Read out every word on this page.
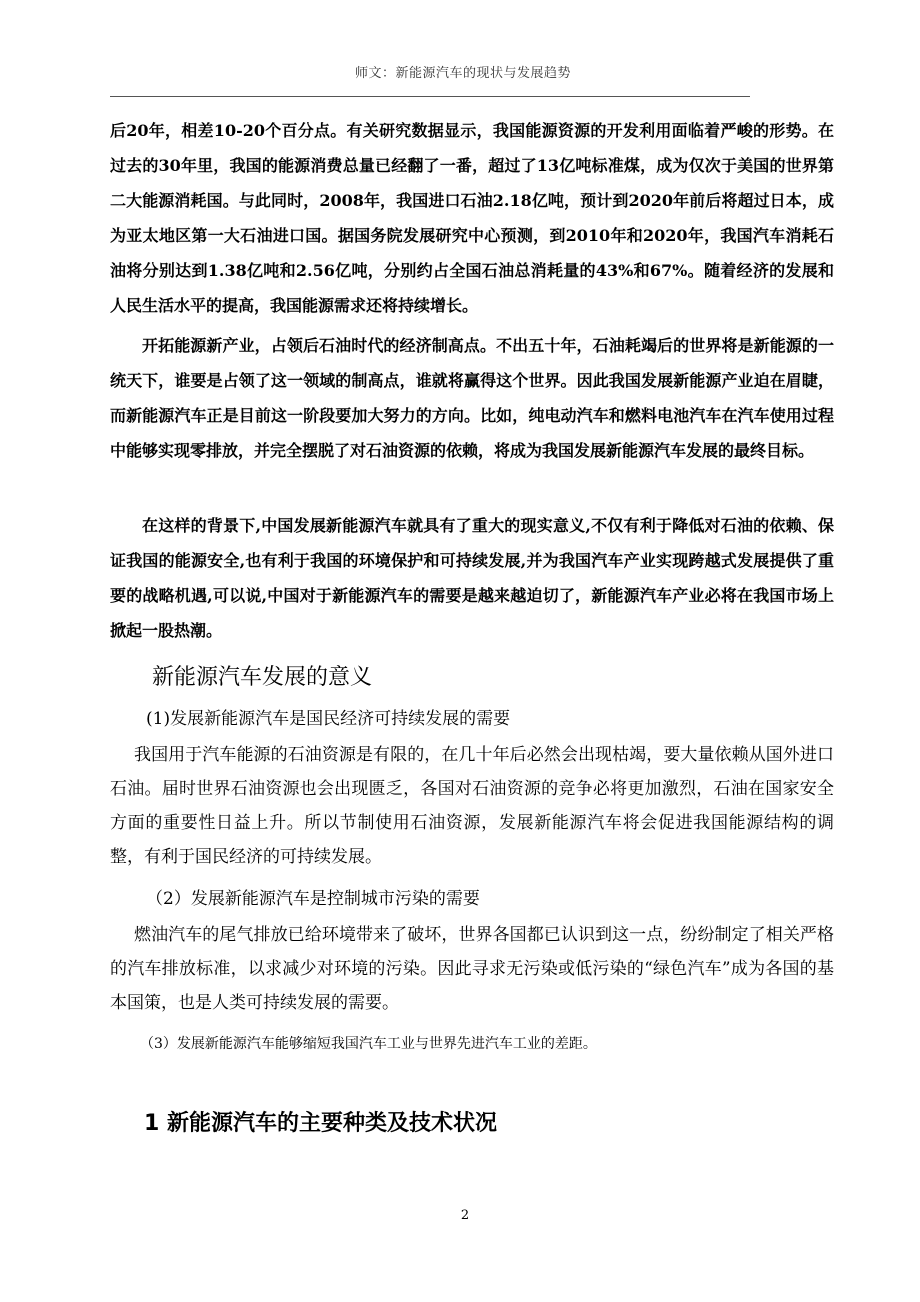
师文：新能源汽车的现状与发展趋势

后20年，相差10-20个百分点。有关研究数据显示，我国能源资源的开发利用面临着严峻的形势。在过去的30年里，我国的能源消费总量已经翻了一番，超过了13亿吨标准煤，成为仅次于美国的世界第二大能源消耗国。与此同时，2008年，我国进口石油2.18亿吨，预计到2020年前后将超过日本，成为亚太地区第一大石油进口国。据国务院发展研究中心预测，到2010年和2020年，我国汽车消耗石油将分别达到1.38亿吨和2.56亿吨，分别约占全国石油总消耗量的43%和67%。随着经济的发展和人民生活水平的提高，我国能源需求还将持续增长。

开拓能源新产业，占领后石油时代的经济制高点。不出五十年，石油耗竭后的世界将是新能源的一统天下，谁要是占领了这一领域的制高点，谁就将赢得这个世界。因此我国发展新能源产业迫在眉睫，而新能源汽车正是目前这一阶段要加大努力的方向。比如，纯电动汽车和燃料电池汽车在汽车使用过程中能够实现零排放，并完全摆脱了对石油资源的依赖，将成为我国发展新能源汽车发展的最终目标。

在这样的背景下,中国发展新能源汽车就具有了重大的现实意义,不仅有利于降低对石油的依赖、保证我国的能源安全,也有利于我国的环境保护和可持续发展,并为我国汽车产业实现跨越式发展提供了重要的战略机遇,可以说,中国对于新能源汽车的需要是越来越迫切了，新能源汽车产业必将在我国市场上掀起一股热潮。

新能源汽车发展的意义
(1)发展新能源汽车是国民经济可持续发展的需要

我国用于汽车能源的石油资源是有限的，在几十年后必然会出现枯竭，要大量依赖从国外进口石油。届时世界石油资源也会出现匮乏，各国对石油资源的竞争必将更加激烈，石油在国家安全方面的重要性日益上升。所以节制使用石油资源，发展新能源汽车将会促进我国能源结构的调整，有利于国民经济的可持续发展。

（2）发展新能源汽车是控制城市污染的需要

燃油汽车的尾气排放已给环境带来了破坏，世界各国都已认识到这一点，纷纷制定了相关严格的汽车排放标准，以求减少对环境的污染。因此寻求无污染或低污染的“绿色汽车”成为各国的基本国策，也是人类可持续发展的需要。

（3）发展新能源汽车能够缩短我国汽车工业与世界先进汽车工业的差距。
1 新能源汽车的主要种类及技术状况
2
